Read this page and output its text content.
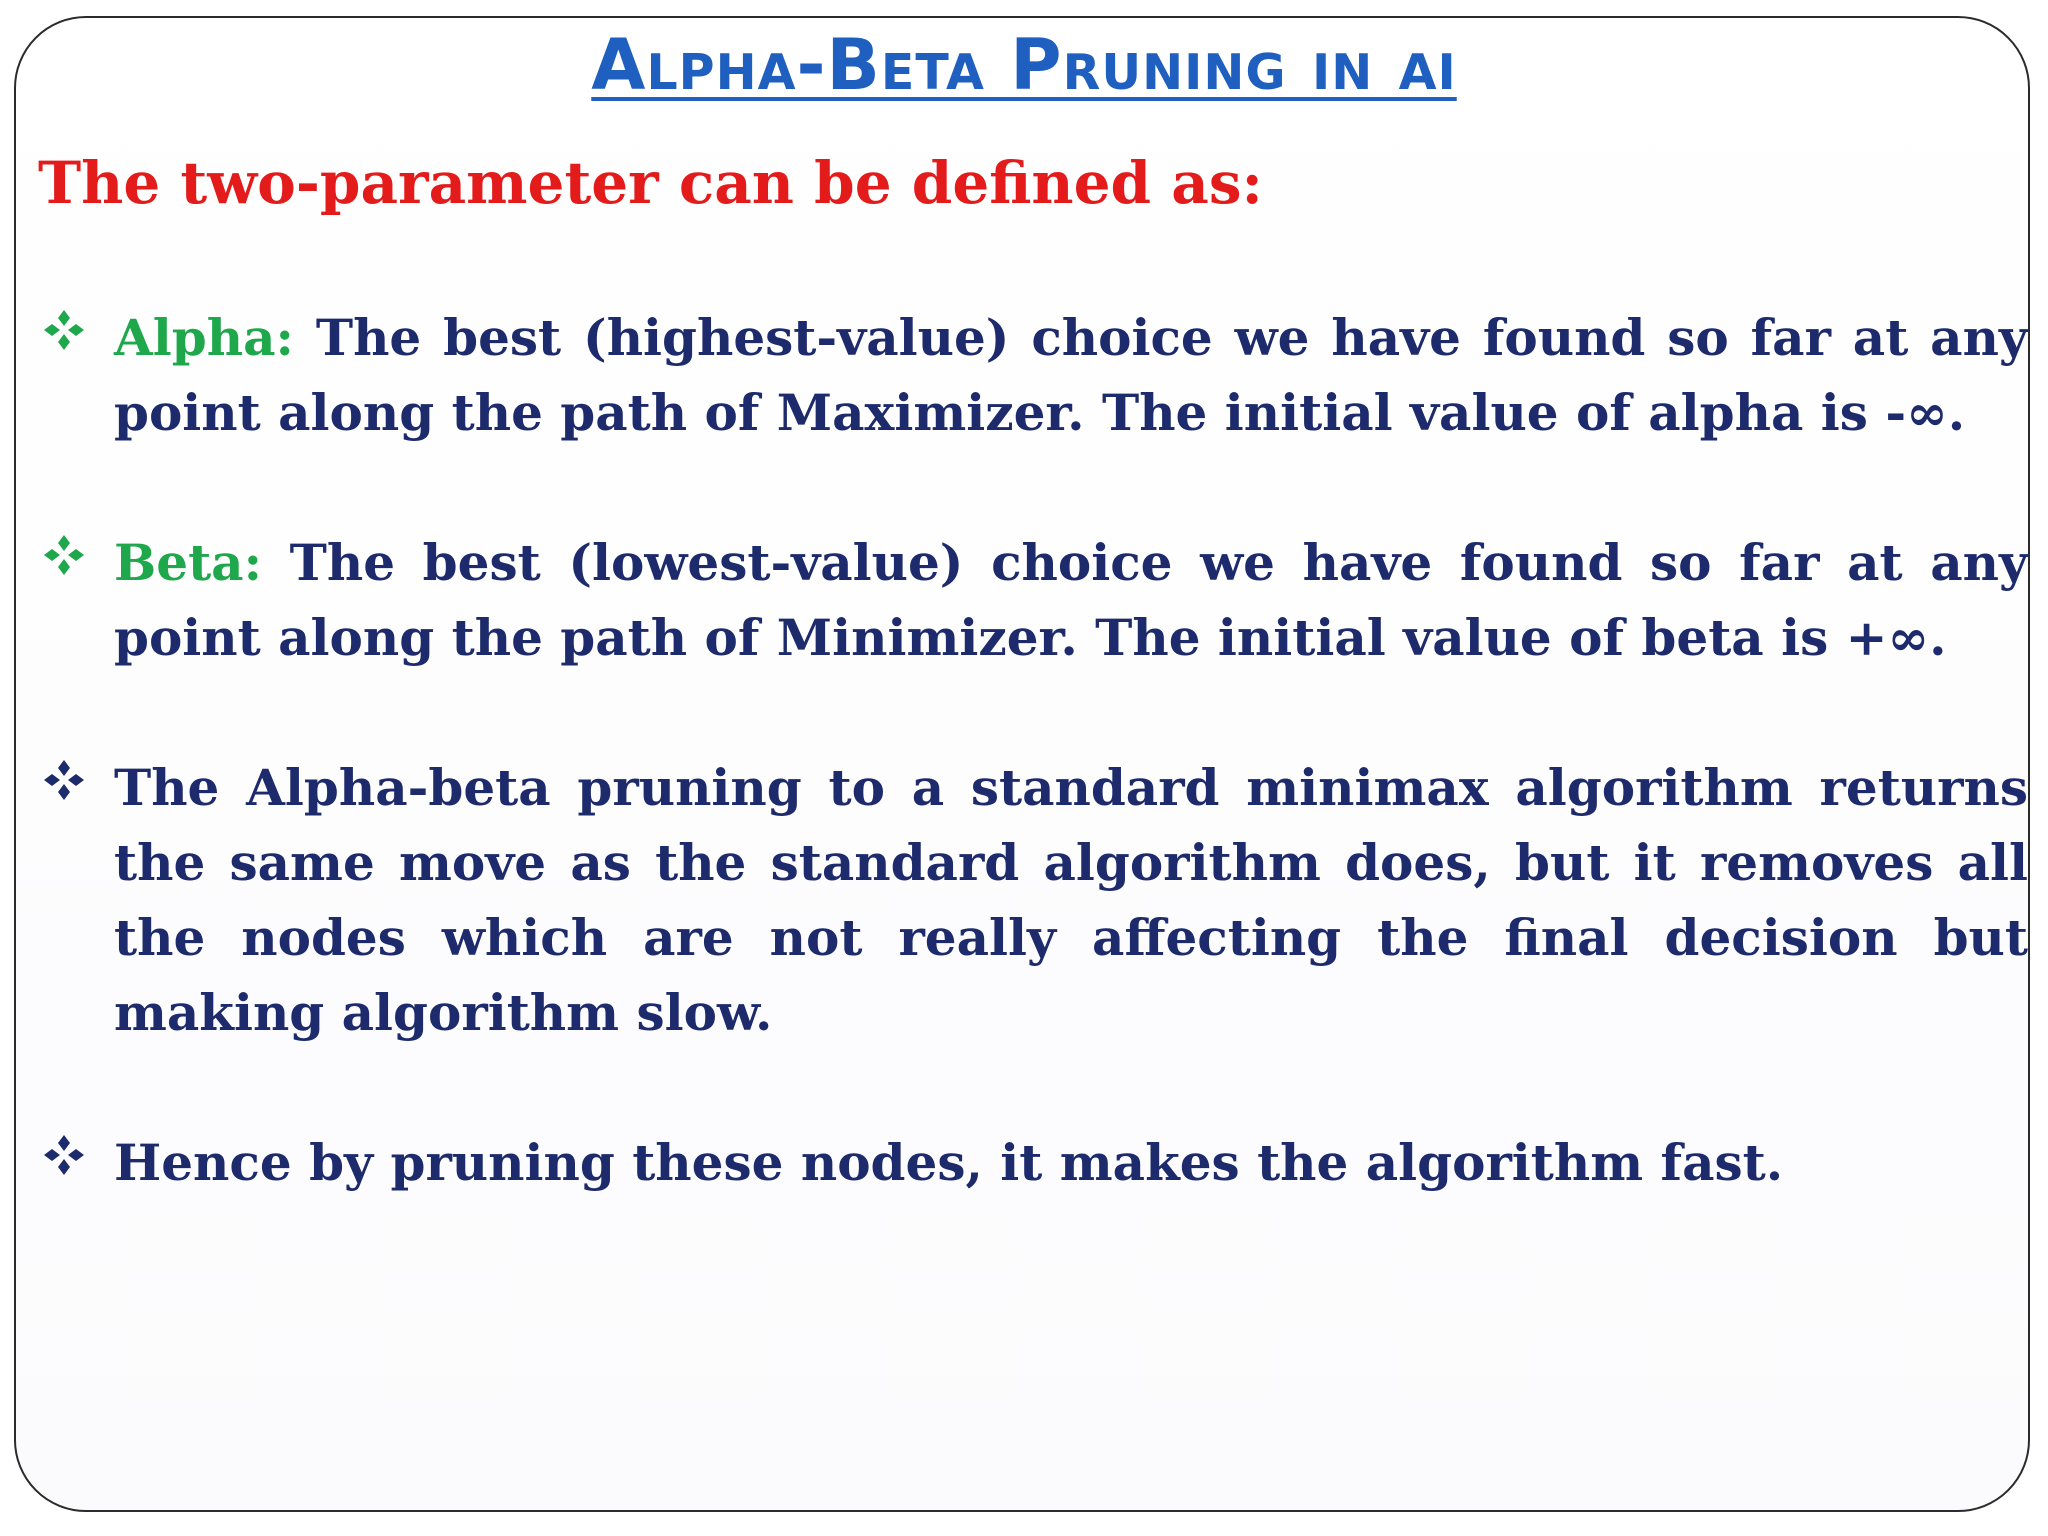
Alpha-Beta Pruning in ai
The two-parameter can be defined as:
Alpha: The best (highest-value) choice we have found so far at any point along the path of Maximizer. The initial value of alpha is -∞.
Beta: The best (lowest-value) choice we have found so far at any point along the path of Minimizer. The initial value of beta is +∞.
The Alpha-beta pruning to a standard minimax algorithm returns the same move as the standard algorithm does, but it removes all the nodes which are not really affecting the final decision but making algorithm slow.
Hence by pruning these nodes, it makes the algorithm fast.
